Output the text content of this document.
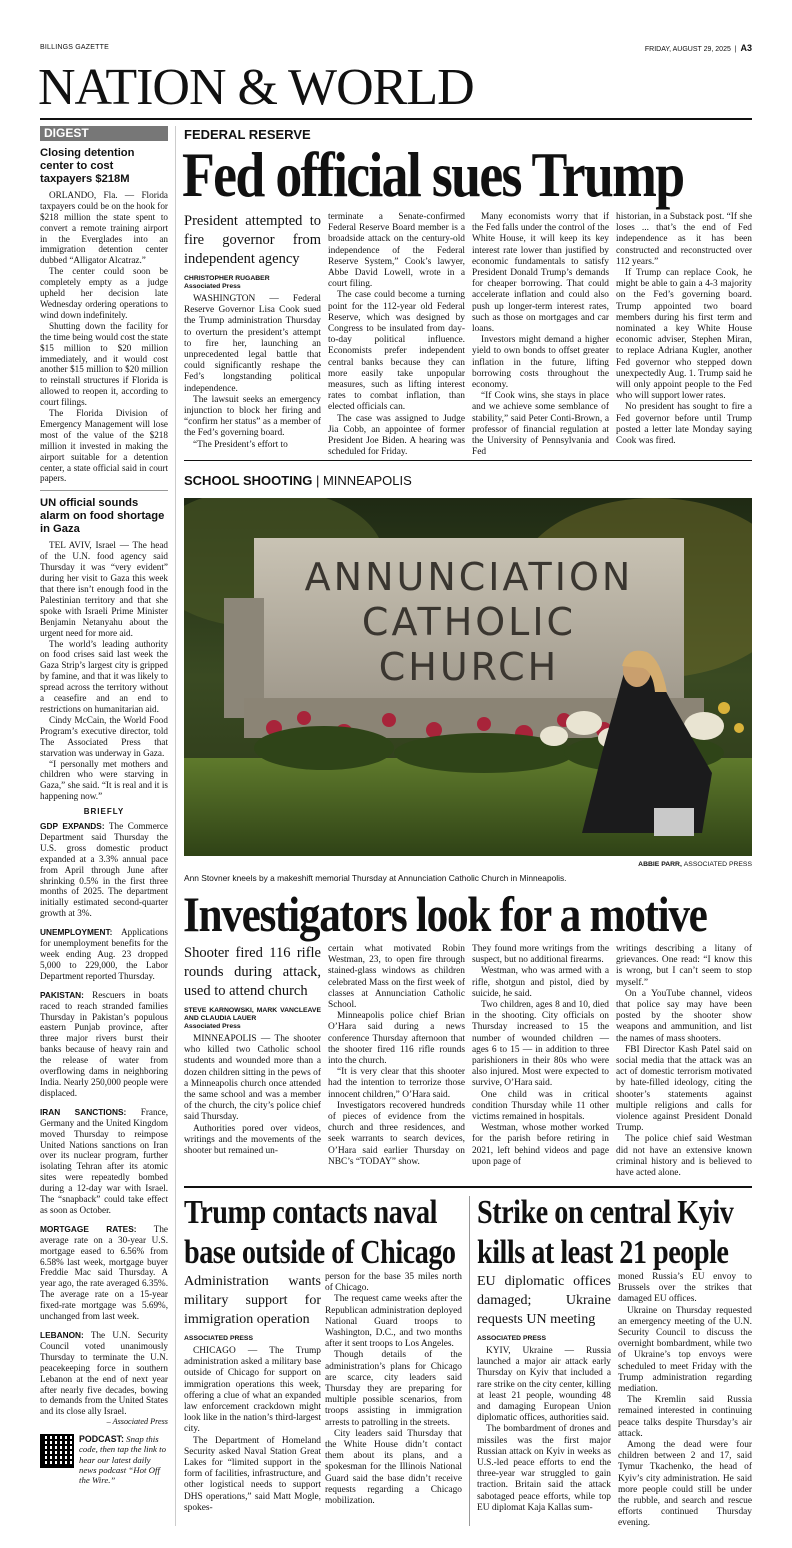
BILLINGS GAZETTE	FRIDAY, AUGUST 29, 2025  |  A3
NATION & WORLD
DIGEST
Closing detention center to cost taxpayers $218M

ORLANDO, Fla. — Florida taxpayers could be on the hook for $218 million the state spent to convert a remote training airport in the Everglades into an immigration detention center dubbed “Alligator Alcatraz.”

The center could soon be completely empty as a judge upheld her decision late Wednesday ordering operations to wind down indefinitely.

Shutting down the facility for the time being would cost the state $15 million to $20 million immediately, and it would cost another $15 million to $20 million to reinstall structures if Florida is allowed to reopen it, according to court filings.

The Florida Division of Emergency Management will lose most of the value of the $218 million it invested in making the airport suitable for a detention center, a state official said in court papers.

UN official sounds alarm on food shortage in Gaza

TEL AVIV, Israel — The head of the U.N. food agency said Thursday it was “very evident” during her visit to Gaza this week that there isn’t enough food in the Palestinian territory and that she spoke with Israeli Prime Minister Benjamin Netanyahu about the urgent need for more aid.

The world’s leading authority on food crises said last week the Gaza Strip’s largest city is gripped by famine, and that it was likely to spread across the territory without a ceasefire and an end to restrictions on humanitarian aid.

Cindy McCain, the World Food Program’s executive director, told The Associated Press that starvation was underway in Gaza.

“I personally met mothers and children who were starving in Gaza,” she said. “It is real and it is happening now.”

BRIEFLY
GDP EXPANDS: The Commerce Department said Thursday the U.S. gross domestic product expanded at a 3.3% annual pace from April through June after shrinking 0.5% in the first three months of 2025. The department initially estimated second-quarter growth at 3%.
UNEMPLOYMENT: Applications for unemployment benefits for the week ending Aug. 23 dropped 5,000 to 229,000, the Labor Department reported Thursday.
PAKISTAN: Rescuers in boats raced to reach stranded families Thursday in Pakistan’s populous eastern Punjab province, after three major rivers burst their banks because of heavy rain and the release of water from overflowing dams in neighboring India. Nearly 250,000 people were displaced.
IRAN SANCTIONS: France, Germany and the United Kingdom moved Thursday to reimpose United Nations sanctions on Iran over its nuclear program, further isolating Tehran after its atomic sites were repeatedly bombed during a 12-day war with Israel. The “snapback” could take effect as soon as October.
MORTGAGE RATES: The average rate on a 30-year U.S. mortgage eased to 6.56% from 6.58% last week, mortgage buyer Freddie Mac said Thursday. A year ago, the rate averaged 6.35%. The average rate on a 15-year fixed-rate mortgage was 5.69%, unchanged from last week.
LEBANON: The U.N. Security Council voted unanimously Thursday to terminate the U.N. peacekeeping force in southern Lebanon at the end of next year after nearly five decades, bowing to demands from the United States and its close ally Israel.
– Associated Press
PODCAST: Snap this code, then tap the link to hear our latest daily news podcast “Hot Off the Wire.”
FEDERAL RESERVE
Fed official sues Trump
President attempted to fire governor from independent agency
CHRISTOPHER RUGABER
Associated Press

WASHINGTON — Federal Reserve Governor Lisa Cook sued the Trump administration Thursday to overturn the president’s attempt to fire her, launching an unprecedented legal battle that could significantly reshape the Fed’s longstanding political independence.

The lawsuit seeks an emergency injunction to block her firing and “confirm her status” as a member of the Fed’s governing board.

“The President’s effort to

terminate a Senate-confirmed Federal Reserve Board member is a broadside attack on the century-old independence of the Federal Reserve System,” Cook’s lawyer, Abbe David Lowell, wrote in a court filing.

The case could become a turning point for the 112-year old Federal Reserve, which was designed by Congress to be insulated from day-to-day political influence. Economists prefer independent central banks because they can more easily take unpopular measures, such as lifting interest rates to combat inflation, than elected officials can.

The case was assigned to Judge Jia Cobb, an appointee of former President Joe Biden. A hearing was scheduled for Friday.

Many economists worry that if the Fed falls under the control of the White House, it will keep its key interest rate lower than justified by economic fundamentals to satisfy President Donald Trump’s demands for cheaper borrowing. That could accelerate inflation and could also push up longer-term interest rates, such as those on mortgages and car loans.

Investors might demand a higher yield to own bonds to offset greater inflation in the future, lifting borrowing costs throughout the economy.

“If Cook wins, she stays in place and we achieve some semblance of stability,” said Peter Conti-Brown, a professor of financial regulation at the University of Pennsylvania and Fed

historian, in a Substack post. “If she loses ... that’s the end of Fed independence as it has been constructed and reconstructed over 112 years.”

If Trump can replace Cook, he might be able to gain a 4-3 majority on the Fed’s governing board. Trump appointed two board members during his first term and nominated a key White House economic adviser, Stephen Miran, to replace Adriana Kugler, another Fed governor who stepped down unexpectedly Aug. 1. Trump said he will only appoint people to the Fed who will support lower rates.

No president has sought to fire a Fed governor before until Trump posted a letter late Monday saying Cook was fired.

SCHOOL SHOOTING | MINNEAPOLIS
ANNUNCIATION
CATHOLIC
CHURCH
ABBIE PARR, ASSOCIATED PRESS
Ann Stovner kneels by a makeshift memorial Thursday at Annunciation Catholic Church in Minneapolis.
Investigators look for a motive
Shooter fired 116 rifle rounds during attack, used to attend church
STEVE KARNOWSKI, MARK VANCLEAVE AND CLAUDIA LAUER
Associated Press

MINNEAPOLIS — The shooter who killed two Catholic school students and wounded more than a dozen children sitting in the pews of a Minneapolis church once attended the same school and was a member of the church, the city’s police chief said Thursday.

Authorities pored over videos, writings and the movements of the shooter but remained un-

certain what motivated Robin Westman, 23, to open fire through stained-glass windows as children celebrated Mass on the first week of classes at Annunciation Catholic School.

Minneapolis police chief Brian O’Hara said during a news conference Thursday afternoon that the shooter fired 116 rifle rounds into the church.

“It is very clear that this shooter had the intention to terrorize those innocent children,” O’Hara said.

Investigators recovered hundreds of pieces of evidence from the church and three residences, and seek warrants to search devices, O’Hara said earlier Thursday on NBC’s “TODAY” show.

They found more writings from the suspect, but no additional firearms.

Westman, who was armed with a rifle, shotgun and pistol, died by suicide, he said.

Two children, ages 8 and 10, died in the shooting. City officials on Thursday increased to 15 the number of wounded children — ages 6 to 15 — in addition to three parishioners in their 80s who were also injured. Most were expected to survive, O’Hara said.

One child was in critical condition Thursday while 11 other victims remained in hospitals.

Westman, whose mother worked for the parish before retiring in 2021, left behind videos and page upon page of

writings describing a litany of grievances. One read: “I know this is wrong, but I can’t seem to stop myself.”

On a YouTube channel, videos that police say may have been posted by the shooter show weapons and ammunition, and list the names of mass shooters.

FBI Director Kash Patel said on social media that the attack was an act of domestic terrorism motivated by hate-filled ideology, citing the shooter’s statements against multiple religions and calls for violence against President Donald Trump.

The police chief said Westman did not have an extensive known criminal history and is believed to have acted alone.

Trump contacts naval
base outside of Chicago
Administration wants military support for immigration operation
ASSOCIATED PRESS

CHICAGO — The Trump administration asked a military base outside of Chicago for support on immigration operations this week, offering a clue of what an expanded law enforcement crackdown might look like in the nation’s third-largest city.

The Department of Homeland Security asked Naval Station Great Lakes for “limited support in the form of facilities, infrastructure, and other logistical needs to support DHS operations,” said Matt Mogle, spokes-

person for the base 35 miles north of Chicago.

The request came weeks after the Republican administration deployed National Guard troops to Washington, D.C., and two months after it sent troops to Los Angeles.

Though details of the administration’s plans for Chicago are scarce, city leaders said Thursday they are preparing for multiple possible scenarios, from troops assisting in immigration arrests to patrolling in the streets.

City leaders said Thursday that the White House didn’t contact them about its plans, and a spokesman for the Illinois National Guard said the base didn’t receive requests regarding a Chicago mobilization.

Strike on central Kyiv
kills at least 21 people
EU diplomatic offices damaged; Ukraine requests UN meeting
ASSOCIATED PRESS

KYIV, Ukraine — Russia launched a major air attack early Thursday on Kyiv that included a rare strike on the city center, killing at least 21 people, wounding 48 and damaging European Union diplomatic offices, authorities said.

The bombardment of drones and missiles was the first major Russian attack on Kyiv in weeks as U.S.-led peace efforts to end the three-year war struggled to gain traction. Britain said the attack sabotaged peace efforts, while top EU diplomat Kaja Kallas sum-

moned Russia’s EU envoy to Brussels over the strikes that damaged EU offices.

Ukraine on Thursday requested an emergency meeting of the U.N. Security Council to discuss the overnight bombardment, while two of Ukraine’s top envoys were scheduled to meet Friday with the Trump administration regarding mediation.

The Kremlin said Russia remained interested in continuing peace talks despite Thursday’s air attack.

Among the dead were four children between 2 and 17, said Tymur Tkachenko, the head of Kyiv’s city administration. He said more people could still be under the rubble, and search and rescue efforts continued Thursday evening.
